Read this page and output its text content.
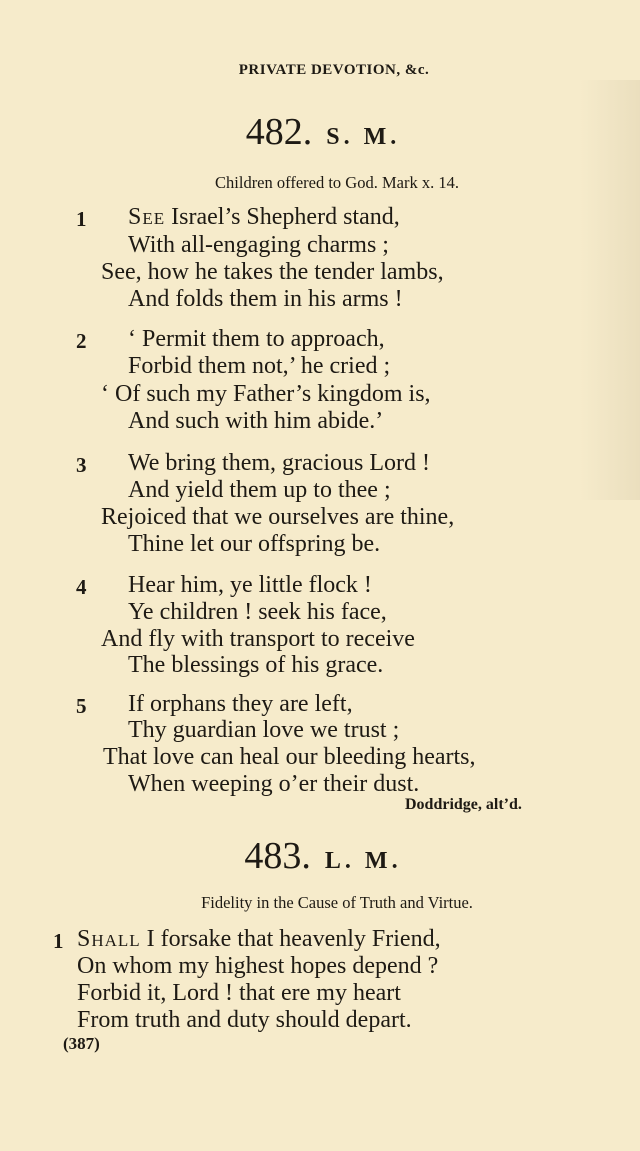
PRIVATE DEVOTION, &c.
482. S. M.
Children offered to God. Mark x. 14.
1 See Israel’s Shepherd stand,
With all-engaging charms ;
See, how he takes the tender lambs,
And folds them in his arms !
2 ‘ Permit them to approach,
Forbid them not,’ he cried ;
‘ Of such my Father’s kingdom is,
And such with him abide.’
3 We bring them, gracious Lord !
And yield them up to thee ;
Rejoiced that we ourselves are thine,
Thine let our offspring be.
4 Hear him, ye little flock !
Ye children ! seek his face,
And fly with transport to receive
The blessings of his grace.
5 If orphans they are left,
Thy guardian love we trust ;
That love can heal our bleeding hearts,
When weeping o’er their dust.
Doddridge, alt’d.
483. L. M.
Fidelity in the Cause of Truth and Virtue.
1 Shall I forsake that heavenly Friend,
On whom my highest hopes depend ?
Forbid it, Lord ! that ere my heart
From truth and duty should depart.
(387)
